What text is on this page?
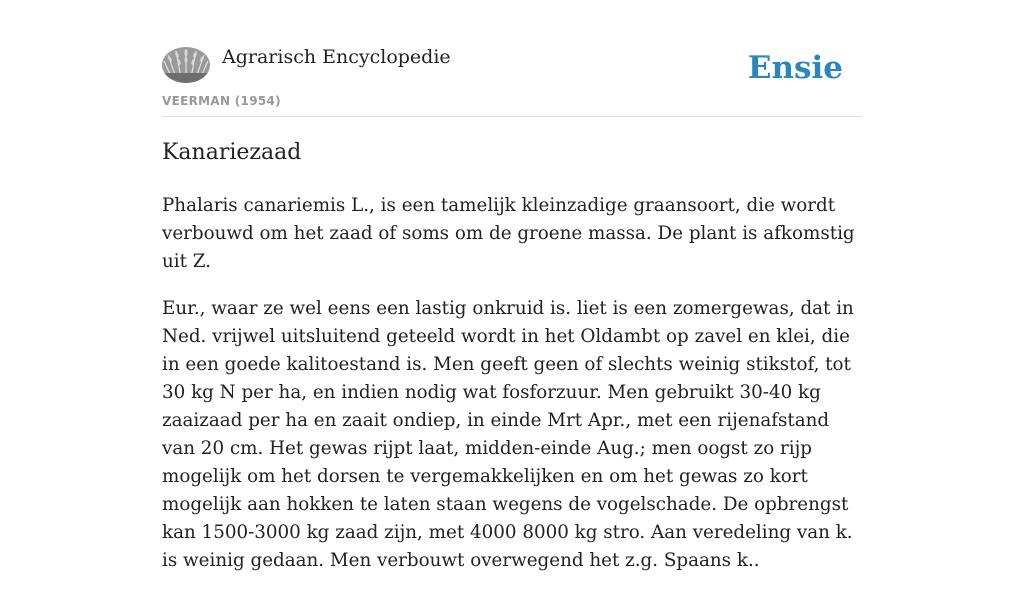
Agrarisch Encyclopedie
VEERMAN (1954)
Ensie
Kanariezaad

Phalaris canariemis L., is een tamelijk kleinzadige graansoort, die wordt verbouwd om het zaad of soms om de groene massa. De plant is afkomstig uit Z.

Eur., waar ze wel eens een lastig onkruid is. liet is een zomergewas, dat in Ned. vrijwel uitsluitend geteeld wordt in het Oldambt op zavel en klei, die in een goede kalitoestand is. Men geeft geen of slechts weinig stikstof, tot 30 kg N per ha, en indien nodig wat fosforzuur. Men gebruikt 30-40 kg zaaizaad per ha en zaait ondiep, in einde Mrt Apr., met een rijenafstand van 20 cm. Het gewas rijpt laat, midden-einde Aug.; men oogst zo rijp mogelijk om het dorsen te vergemakkelijken en om het gewas zo kort mogelijk aan hokken te laten staan wegens de vogelschade. De opbrengst kan 1500-3000 kg zaad zijn, met 4000 8000 kg stro. Aan veredeling van k. is weinig gedaan. Men verbouwt overwegend het z.g. Spaans k..
